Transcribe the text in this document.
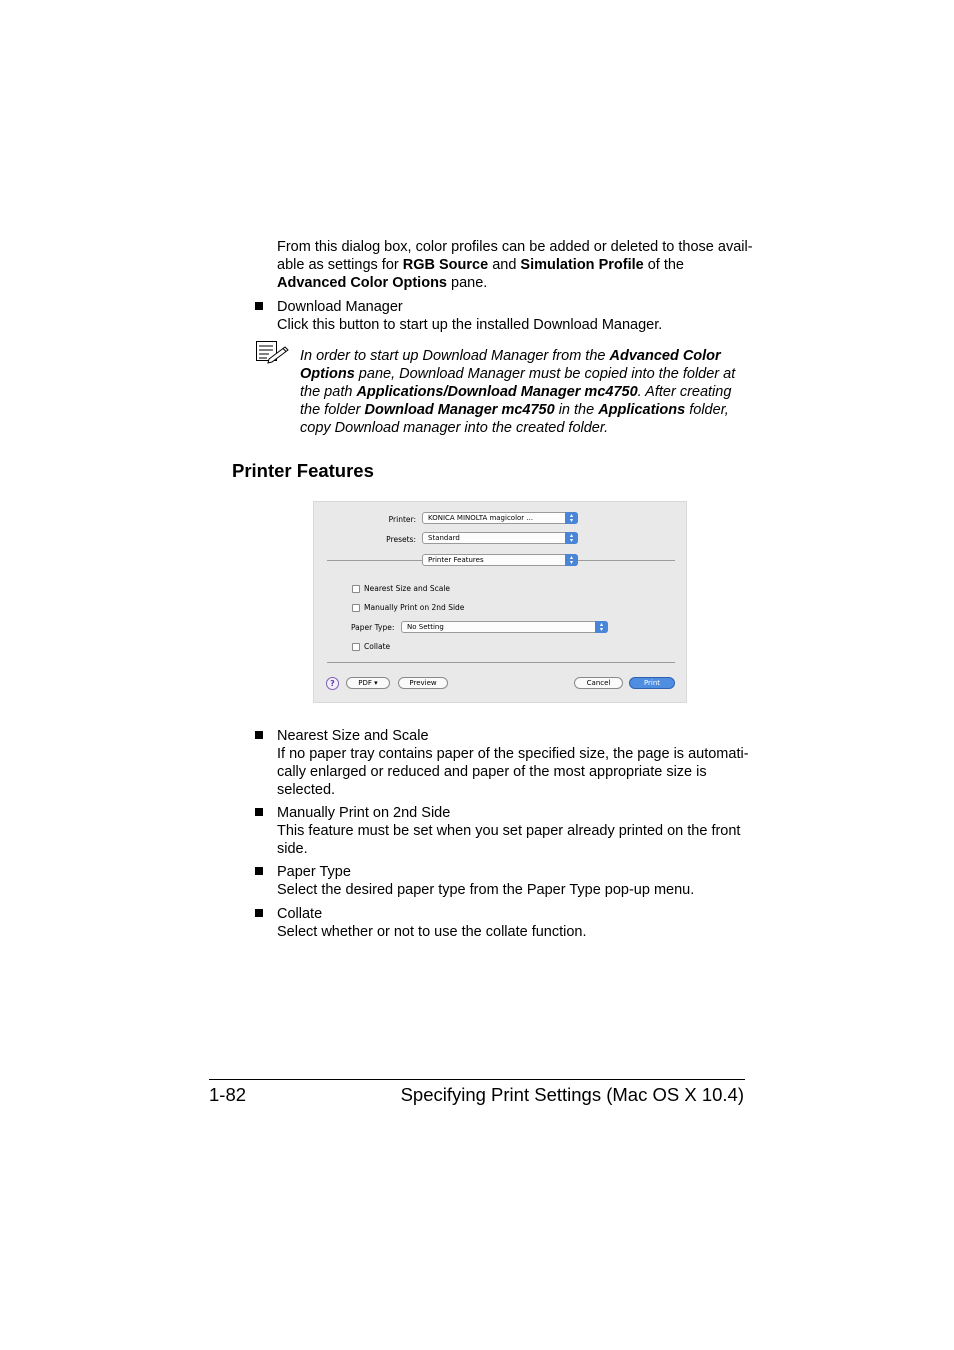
From this dialog box, color profiles can be added or deleted to those avail-
able as settings for RGB Source and Simulation Profile of the
Advanced Color Options pane.
Download Manager
Click this button to start up the installed Download Manager.
In order to start up Download Manager from the Advanced Color
Options pane, Download Manager must be copied into the folder at
the path Applications/Download Manager mc4750. After creating
the folder Download Manager mc4750 in the Applications folder,
copy Download manager into the created folder.
Printer Features
Printer: KONICA MINOLTA magicolor ...	▴
▾
Presets: Standard	▴
▾
Printer Features	▴
▾
Nearest Size and Scale
Manually Print on 2nd Side
Paper Type: No Setting	▴
▾
Collate
?	PDF ▾	Preview	Cancel	Print
Nearest Size and Scale
If no paper tray contains paper of the specified size, the page is automati-
cally enlarged or reduced and paper of the most appropriate size is
selected.
Manually Print on 2nd Side
This feature must be set when you set paper already printed on the front
side.
Paper Type
Select the desired paper type from the Paper Type pop-up menu.
Collate
Select whether or not to use the collate function.
1-82	Specifying Print Settings (Mac OS X 10.4)
